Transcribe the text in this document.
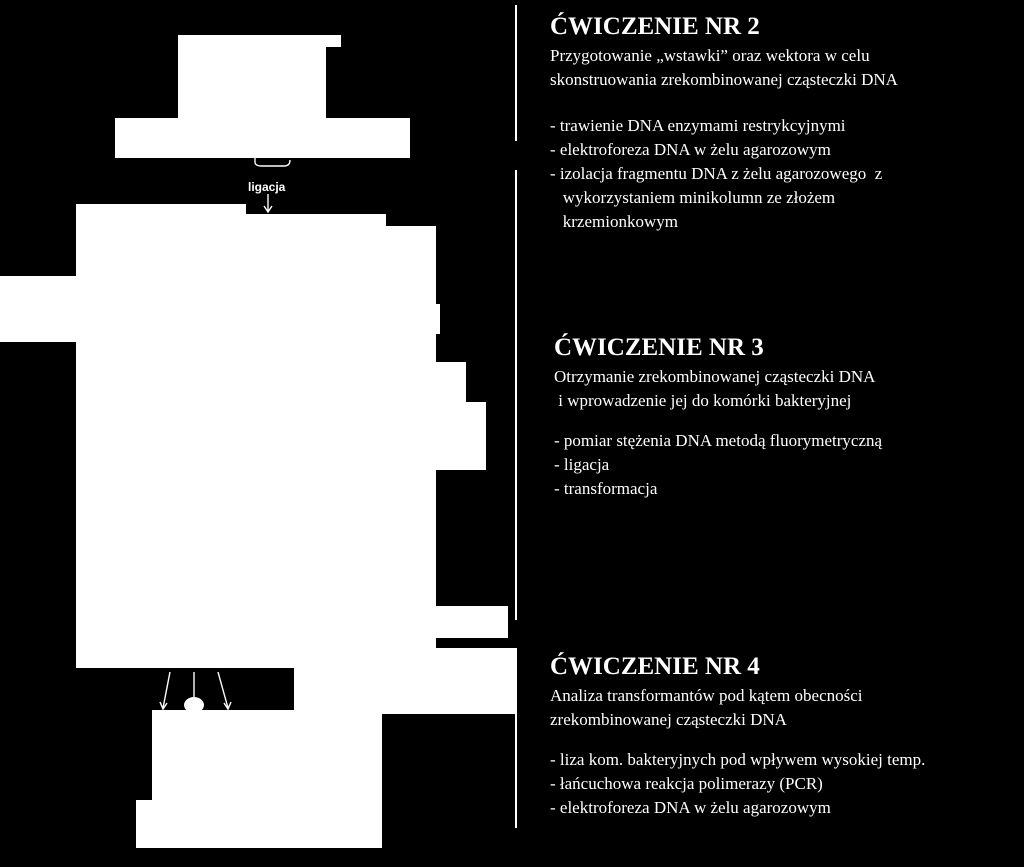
ligacja
ĆWICZENIE NR 2

Przygotowanie „wstawki” oraz wektora w celu
skonstruowania zrekombinowanej cząsteczki DNA

- trawienie DNA enzymami restrykcyjnymi
- elektroforeza DNA w żelu agarozowym
- izolacja fragmentu DNA z żelu agarozowego  z
wykorzystaniem minikolumn ze złożem
krzemionkowym
ĆWICZENIE NR 3

Otrzymanie zrekombinowanej cząsteczki DNA
i wprowadzenie jej do komórki bakteryjnej

- pomiar stężenia DNA metodą fluorymetryczną
- ligacja
- transformacja
ĆWICZENIE NR 4

Analiza transformantów pod kątem obecności
zrekombinowanej cząsteczki DNA

- liza kom. bakteryjnych pod wpływem wysokiej temp.
- łańcuchowa reakcja polimerazy (PCR)
- elektroforeza DNA w żelu agarozowym
